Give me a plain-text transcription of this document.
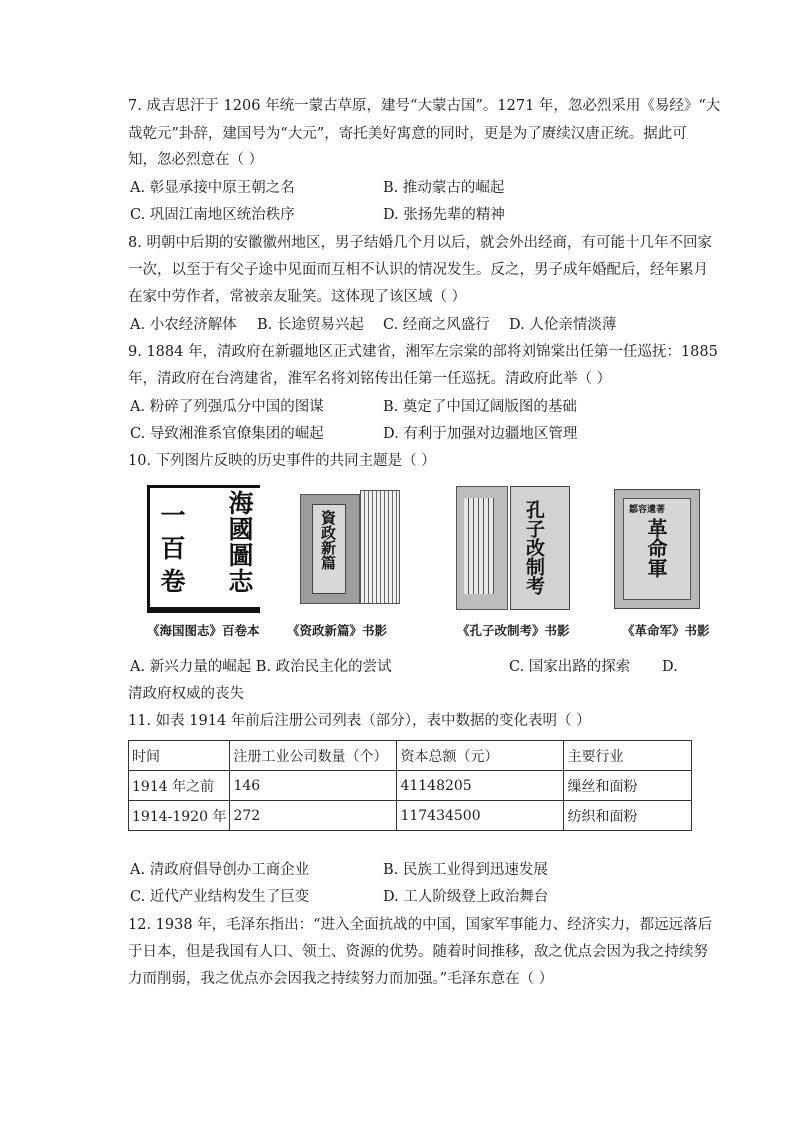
7. 成吉思汗于 1206 年统一蒙古草原，建号“大蒙古国”。1271 年，忽必烈采用《易经》“大
哉乾元”卦辞，建国号为“大元”，寄托美好寓意的同时，更是为了赓续汉唐正统。据此可
知，忽必烈意在（ ）
A. 彰显承接中原王朝之名	B. 推动蒙古的崛起
C. 巩固江南地区统治秩序	D. 张扬先辈的精神
8. 明朝中后期的安徽徽州地区，男子结婚几个月以后，就会外出经商，有可能十几年不回家
一次，以至于有父子途中见面而互相不认识的情况发生。反之，男子成年婚配后，经年累月
在家中劳作者，常被亲友耻笑。这体现了该区域（ ）
A. 小农经济解体 B. 长途贸易兴起 C. 经商之风盛行 D. 人伦亲情淡薄
9. 1884 年，清政府在新疆地区正式建省，湘军左宗棠的部将刘锦棠出任第一任巡抚：1885
年，清政府在台湾建省，淮军名将刘铭传出任第一任巡抚。清政府此举（ ）
A. 粉碎了列强瓜分中国的图谋	B. 奠定了中国辽阔版图的基础
C. 导致湘淮系官僚集团的崛起	D. 有利于加强对边疆地区管理
10. 下列图片反映的历史事件的共同主题是（ ）
海國圖志
一百卷
《海国图志》百卷本
資政新篇
《资政新篇》书影
孔子改制考
《孔子改制考》书影
鄒容遺著
革命軍
《革命军》书影
A. 新兴力量的崛起 B. 政治民主化的尝试	C. 国家出路的探索 D.
清政府权威的丧失
11. 如表 1914 年前后注册公司列表（部分），表中数据的变化表明（ ）
时间	注册工业公司数量（个）	资本总额（元）	主要行业
1914 年之前	146	41148205	缫丝和面粉
1914-1920 年	272	117434500	纺织和面粉
A. 清政府倡导创办工商企业	B. 民族工业得到迅速发展
C. 近代产业结构发生了巨变	D. 工人阶级登上政治舞台
12. 1938 年，毛泽东指出：“进入全面抗战的中国，国家军事能力、经济实力，都远远落后
于日本，但是我国有人口、领土、资源的优势。随着时间推移，敌之优点会因为我之持续努
力而削弱，我之优点亦会因我之持续努力而加强。”毛泽东意在（ ）
